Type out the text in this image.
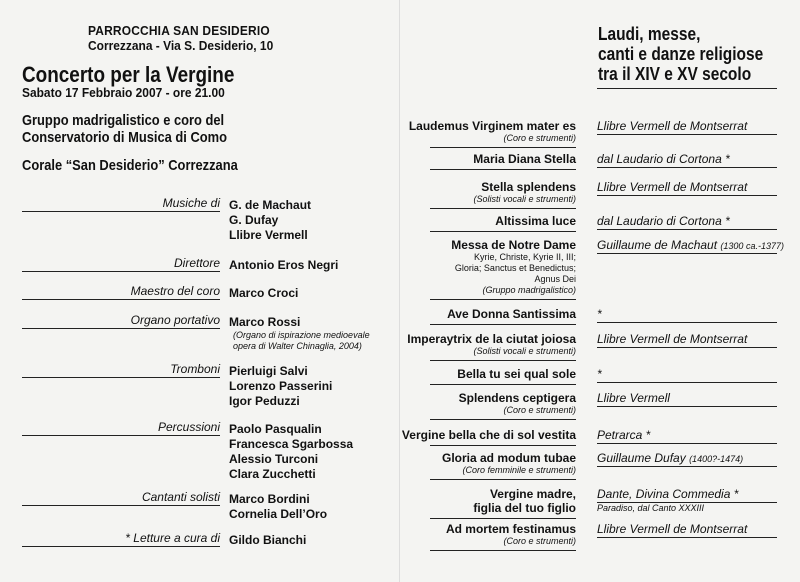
PARROCCHIA SAN DESIDERIO
Correzzana - Via S. Desiderio, 10
Concerto per la Vergine
Sabato 17 Febbraio 2007 - ore 21.00
Gruppo madrigalistico e coro del
Conservatorio di Musica di Como
Corale “San Desiderio” Correzzana
Musiche di G. de Machaut
G. Dufay
Llibre Vermell
Direttore Antonio Eros Negri
Maestro del coro Marco Croci
Organo portativo Marco Rossi
(Organo di ispirazione medioevale
opera di Walter Chinaglia, 2004)
Tromboni Pierluigi Salvi
Lorenzo Passerini
Igor Peduzzi
Percussioni Paolo Pasqualin
Francesca Sgarbossa
Alessio Turconi
Clara Zucchetti
Cantanti solisti Marco Bordini
Cornelia Dell’Oro
* Letture a cura di Gildo Bianchi
Laudi, messe,
canti e danze religiose
tra il XIV e XV secolo
Laudemus Virginem mater es
(Coro e strumenti)
Llibre Vermell de Montserrat
Maria Diana Stella dal Laudario di Cortona *
Stella splendens
(Solisti vocali e strumenti)
Llibre Vermell de Montserrat
Altissima luce dal Laudario di Cortona *
Messa de Notre Dame
Kyrie, Christe, Kyrie II, III;
Gloria; Sanctus et Benedictus;
Agnus Dei
(Gruppo madrigalistico)
Guillaume de Machaut (1300 ca.-1377)
Ave Donna Santissima *
Imperaytrix de la ciutat joiosa
(Solisti vocali e strumenti)
Llibre Vermell de Montserrat
Bella tu sei qual sole *
Splendens ceptigera
(Coro e strumenti)
Llibre Vermell
Vergine bella che di sol vestita Petrarca *
Gloria ad modum tubae
(Coro femminile e strumenti)
Guillaume Dufay (1400?-1474)
Vergine madre,
figlia del tuo figlio
Dante, Divina Commedia *
Paradiso, dal Canto XXXIII
Ad mortem festinamus
(Coro e strumenti)
Llibre Vermell de Montserrat
